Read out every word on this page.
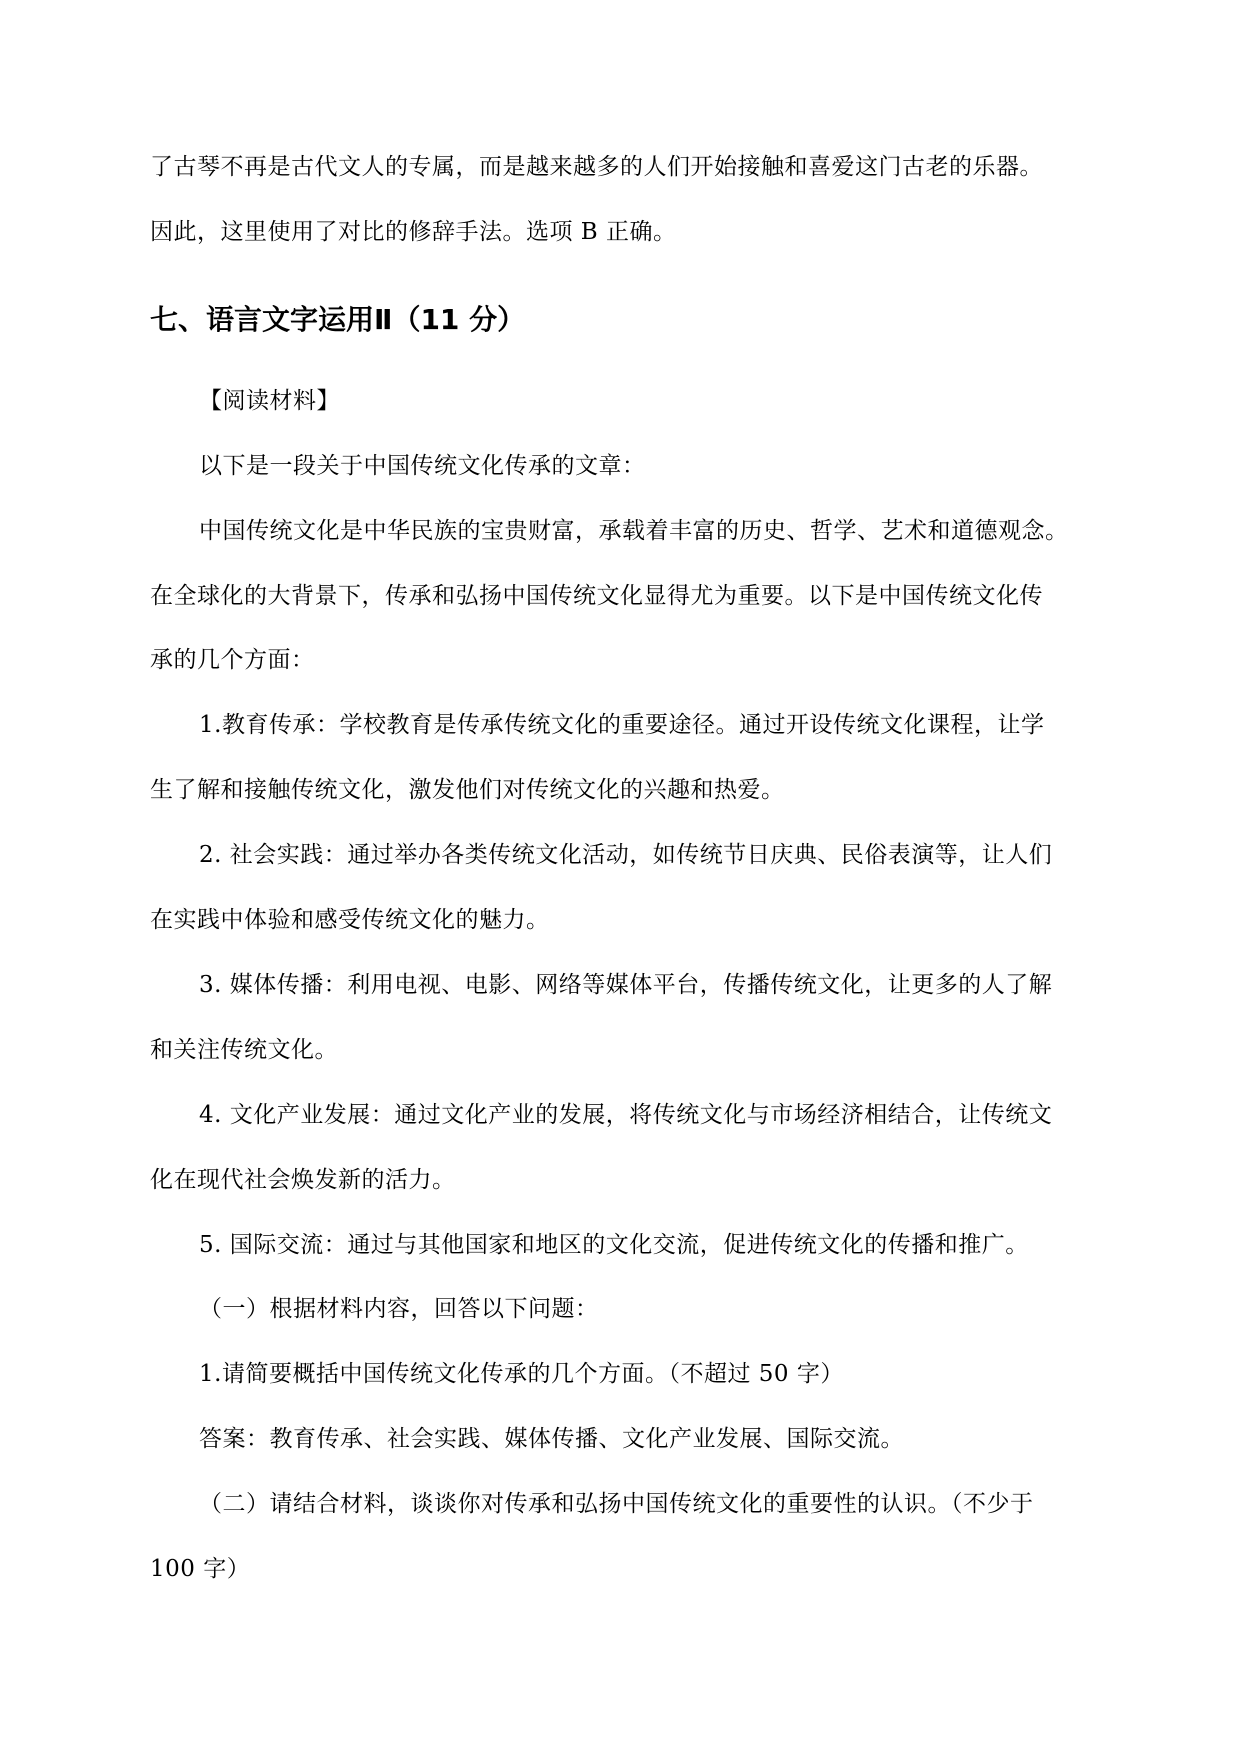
了古琴不再是古代文人的专属，而是越来越多的人们开始接触和喜爱这门古老的乐器。
因此，这里使用了对比的修辞手法。选项 B 正确。
七、语言文字运用Ⅱ（11 分）
【阅读材料】
以下是一段关于中国传统文化传承的文章：
中国传统文化是中华民族的宝贵财富，承载着丰富的历史、哲学、艺术和道德观念。
在全球化的大背景下，传承和弘扬中国传统文化显得尤为重要。以下是中国传统文化传
承的几个方面：
1.教育传承：学校教育是传承传统文化的重要途径。通过开设传统文化课程，让学
生了解和接触传统文化，激发他们对传统文化的兴趣和热爱。
2. 社会实践：通过举办各类传统文化活动，如传统节日庆典、民俗表演等，让人们
在实践中体验和感受传统文化的魅力。
3. 媒体传播：利用电视、电影、网络等媒体平台，传播传统文化，让更多的人了解
和关注传统文化。
4. 文化产业发展：通过文化产业的发展，将传统文化与市场经济相结合，让传统文
化在现代社会焕发新的活力。
5. 国际交流：通过与其他国家和地区的文化交流，促进传统文化的传播和推广。
（一）根据材料内容，回答以下问题：
1.请简要概括中国传统文化传承的几个方面。（不超过 50 字）
答案：教育传承、社会实践、媒体传播、文化产业发展、国际交流。
（二）请结合材料，谈谈你对传承和弘扬中国传统文化的重要性的认识。（不少于
100 字）
